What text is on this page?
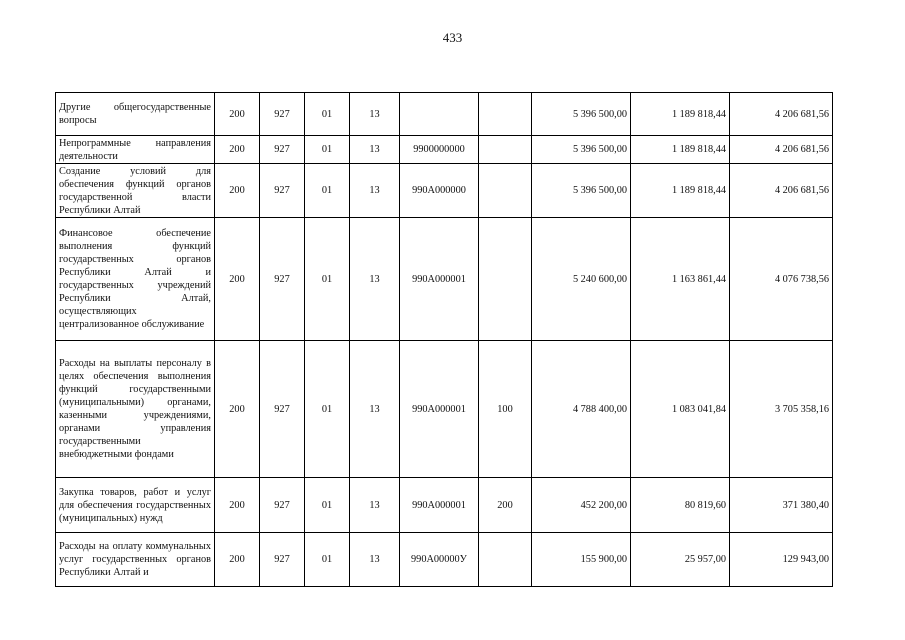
433
Другие общегосударственные вопросы	200	927	01	13			5 396 500,00	1 189 818,44	4 206 681,56
Непрограммные направления деятельности	200	927	01	13	9900000000		5 396 500,00	1 189 818,44	4 206 681,56
Создание условий для обеспечения функций органов государственной власти Республики Алтай	200	927	01	13	990А000000		5 396 500,00	1 189 818,44	4 206 681,56
Финансовое обеспечение выполнения функций государственных органов Республики Алтай и государственных учреждений Республики Алтай, осуществляющих централизованное обслуживание	200	927	01	13	990А000001		5 240 600,00	1 163 861,44	4 076 738,56
Расходы на выплаты персоналу в целях обеспечения выполнения функций государственными (муниципальными) органами, казенными учреждениями, органами управления государственными внебюджетными фондами	200	927	01	13	990А000001	100	4 788 400,00	1 083 041,84	3 705 358,16
Закупка товаров, работ и услуг для обеспечения государственных (муниципальных) нужд	200	927	01	13	990А000001	200	452 200,00	80 819,60	371 380,40
Расходы на оплату коммунальных услуг государственных органов Республики Алтай и	200	927	01	13	990А00000У		155 900,00	25 957,00	129 943,00
